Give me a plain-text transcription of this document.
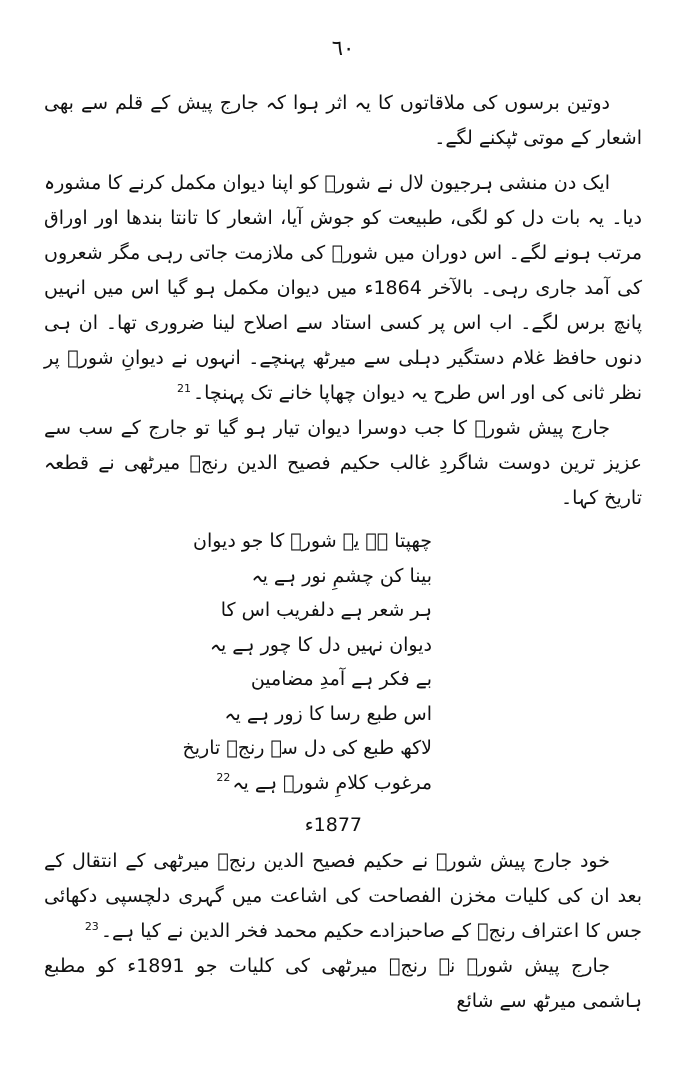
٦٠

دوتین برسوں کی ملاقاتوں کا یہ اثر ہوا کہ جارج پیش کے قلم سے بھی اشعار کے موتی ٹپکنے لگے۔

ایک دن منشی ہرجیون لال نے شورؔ کو اپنا دیوان مکمل کرنے کا مشورہ دیا۔ یہ بات دل کو لگی، طبیعت کو جوش آیا، اشعار کا تانتا بندھا اور اوراق مرتب ہونے لگے۔ اس دوران میں شورؔ کی ملازمت جاتی رہی مگر شعروں کی آمد جاری رہی۔ بالآخر 1864ء میں دیوان مکمل ہو گیا اس میں انہیں پانچ برس لگے۔ اب اس پر کسی استاد سے اصلاح لینا ضروری تھا۔ ان ہی دنوں حافظ غلام دستگیر دہلی سے میرٹھ پہنچے۔ انہوں نے دیوانِ شورؔ پر نظر ثانی کی اور اس طرح یہ دیوان چھاپا خانے تک پہنچا۔$^{21}$

جارج پیش شورؔ کا جب دوسرا دیوان تیار ہو گیا تو جارج کے سب سے عزیز ترین دوست شاگردِ غالب حکیم فصیح الدین رنجؔ میرٹھی نے قطعہ تاریخ کہا۔

چھپتا ہے یہ شورؔ کا جو دیوان
بینا کن چشمِ نور ہے یہ
ہر شعر ہے دلفریب اس کا
دیوان نہیں دل کا چور ہے یہ
بے فکر ہے آمدِ مضامین
اس طبع رسا کا زور ہے یہ
لاکھ طبع کی دل سے رنجؔ تاریخ
مرغوب کلامِ شورؔ ہے یہ$^{22}$
1877ء

خود جارج پیش شورؔ نے حکیم فصیح الدین رنجؔ میرٹھی کے انتقال کے بعد ان کی کلیات مخزن الفصاحت کی اشاعت میں گہری دلچسپی دکھائی جس کا اعتراف رنجؔ کے صاحبزادے حکیم محمد فخر الدین نے کیا ہے۔$^{23}$

جارج پیش شورؔ نے رنجؔ میرٹھی کی کلیات جو 1891ء کو مطبع ہاشمی میرٹھ سے شائع
